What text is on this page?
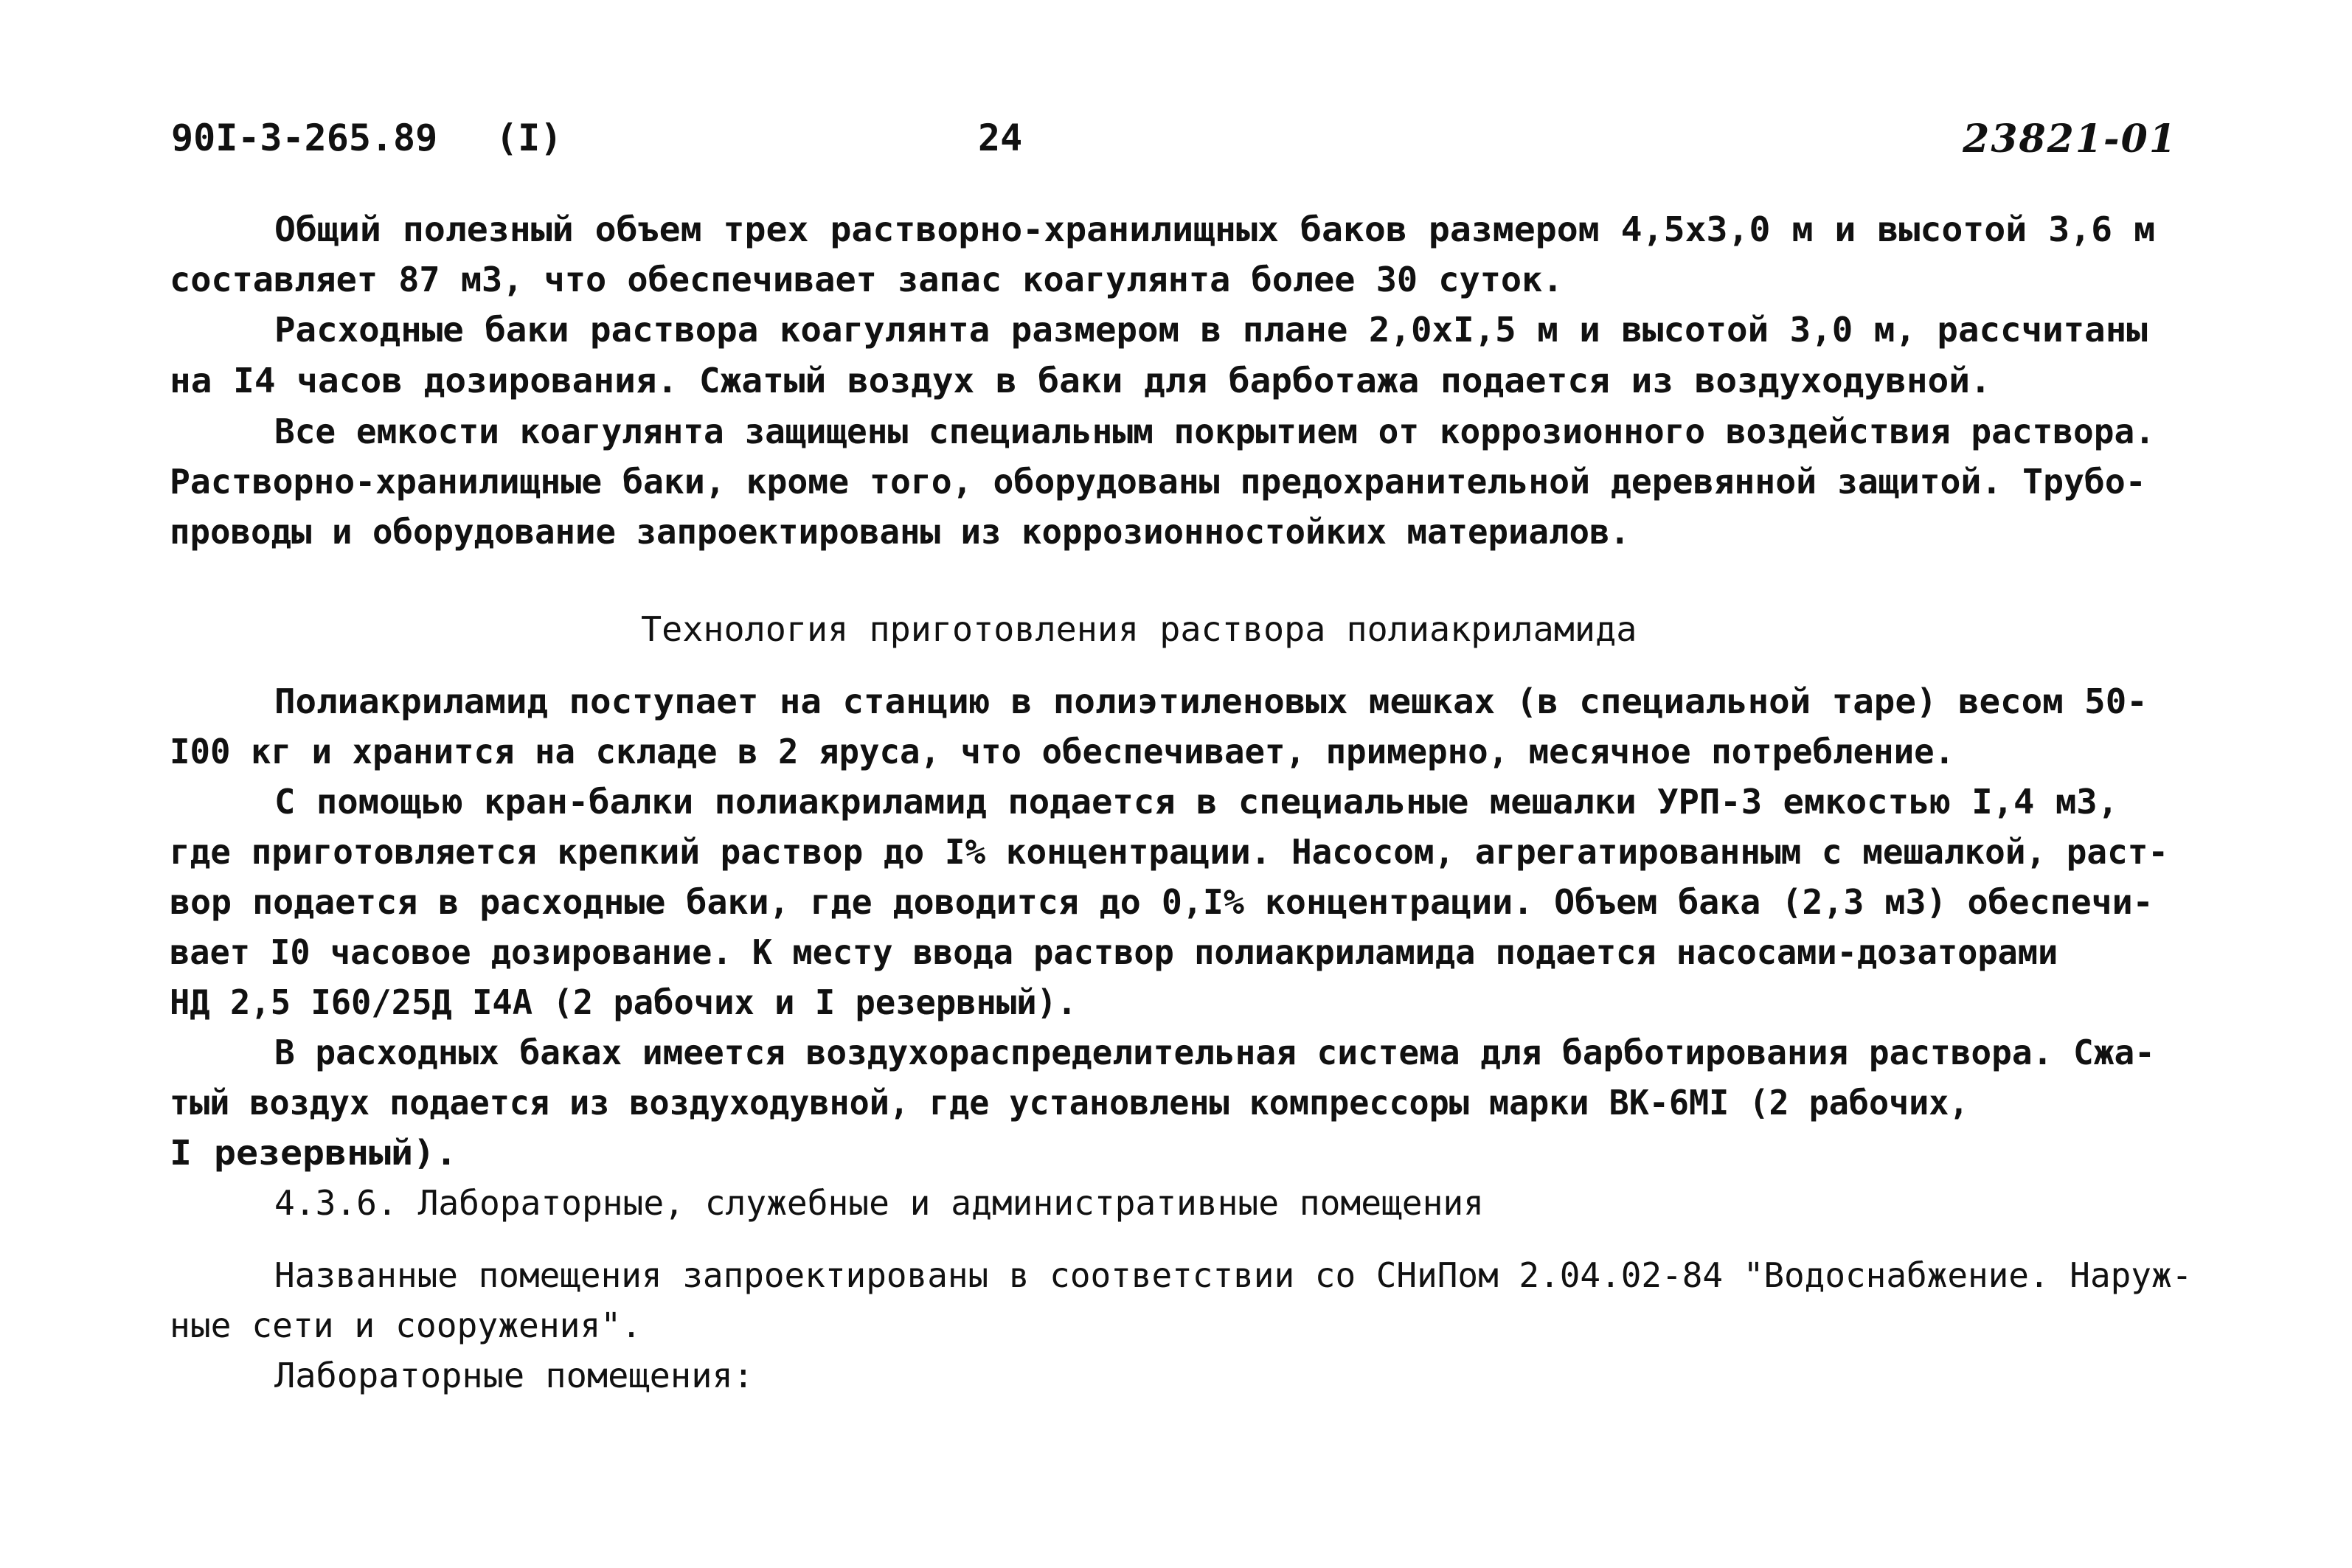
90I-3-265.89 (I)	24	23821-01
Общий полезный объем трех растворно-хранилищных баков размером 4,5х3,0 м и высотой 3,6 м
составляет 87 м3, что обеспечивает запас коагулянта более 30 суток.
Расходные баки раствора коагулянта размером в плане 2,0хI,5 м и высотой 3,0 м, расcчитаны
на I4 часов дозирования. Сжатый воздух в баки для барботажа подается из воздуходувной.
Все емкости коагулянта защищены специальным покрытием от коррозионного воздействия раствора.
Растворно-хранилищные баки, кроме того, оборудованы предохранительной деревянной защитой. Трубо-
проводы и оборудование запроектированы из коррозионностойких материалов.
Технология приготовления раствора полиакриламида
Полиакриламид поступает на станцию в полиэтиленовых мешках (в специальной таре) весом 50-
I00 кг и хранится на складе в 2 яруса, что обеспечивает, примерно, месячное потребление.
С помощью кран-балки полиакриламид подается в специальные мешалки УРП-3 емкостью I,4 м3,
где приготовляется крепкий раствор до I% концентрации. Насосом, агрегатированным с мешалкой, раст-
вор подается в расходные баки, где доводится до 0,I% концентрации. Объем бака (2,3 м3) обеспечи-
вает I0 часовое дозирование. К месту ввода раствор полиакриламида подается насосами-дозаторами
НД 2,5 I60/25Д I4А (2 рабочих и I резервный).
В расходных баках имеется воздухораспределительная система для барботирования раствора. Сжа-
тый воздух подается из воздуходувной, где установлены компрессоры марки ВК-6МI (2 рабочих,
I резервный).
4.3.6. Лабораторные, служебные и административные помещения
Названные помещения запроектированы в соответствии со СНиПом 2.04.02-84 "Водоснабжение. Наруж-
ные сети и сооружения".
Лабораторные помещения:
